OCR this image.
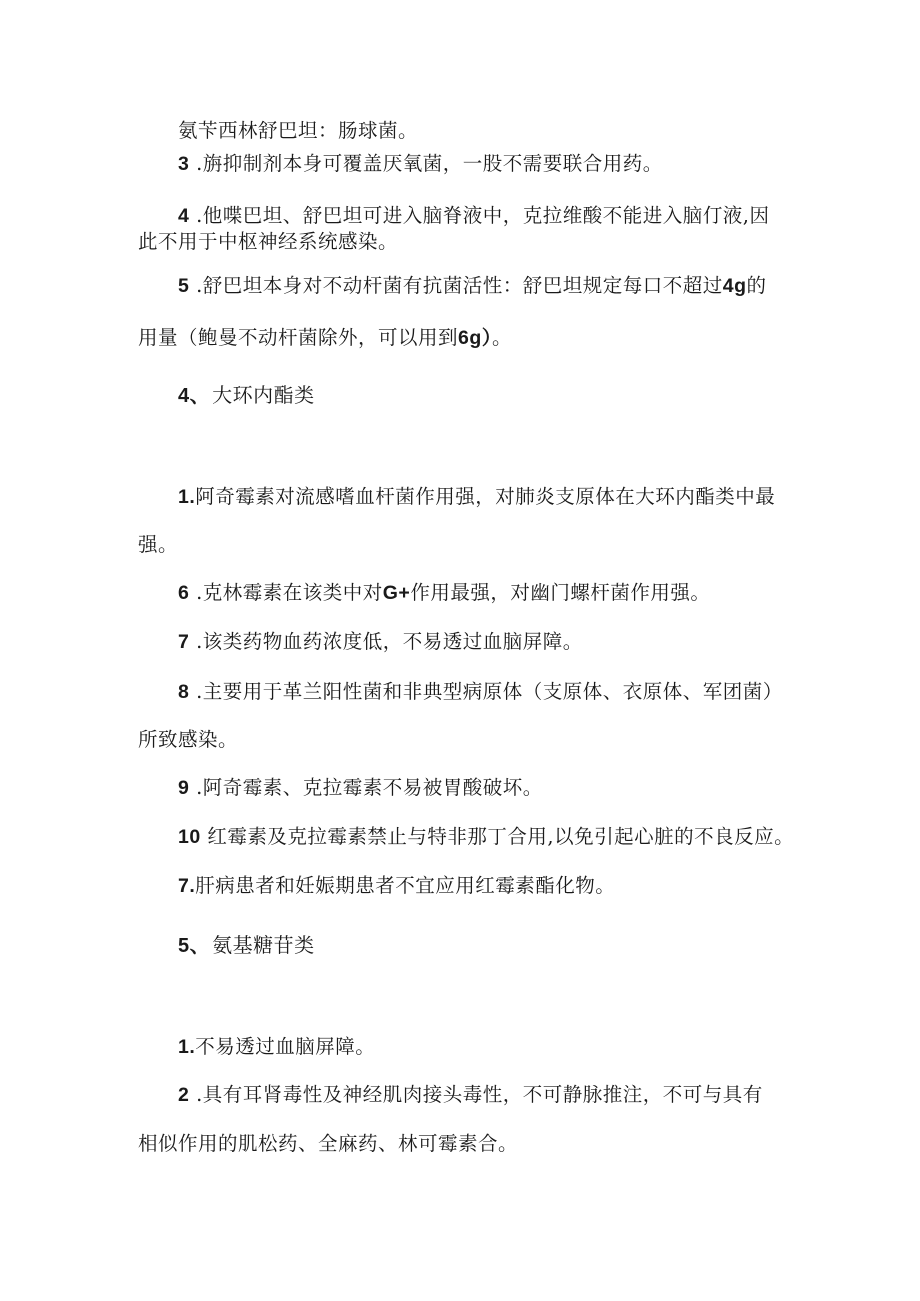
氨苄西林舒巴坦：肠球菌。
3 .旃抑制剂本身可覆盖厌氧菌，一股不需要联合用药。
4 .他喋巴坦、舒巴坦可进入脑脊液中，克拉维酸不能进入脑仃液,因
此不用于中枢神经系统感染。
5 .舒巴坦本身对不动杆菌有抗菌活性：舒巴坦规定每口不超过4g的
用量（鲍曼不动杆菌除外，可以用到6g）。
4、 大环内酯类
1.阿奇霉素对流感嗜血杆菌作用强，对肺炎支原体在大环内酯类中最
强。
6 .克林霉素在该类中对G+作用最强，对幽门螺杆菌作用强。
7 .该类药物血药浓度低，不易透过血脑屏障。
8 .主要用于革兰阳性菌和非典型病原体（支原体、衣原体、军团菌）
所致感染。
9 .阿奇霉素、克拉霉素不易被胃酸破坏。
10 红霉素及克拉霉素禁止与特非那丁合用,以免引起心脏的不良反应。
7.肝病患者和妊娠期患者不宜应用红霉素酯化物。
5、 氨基糖苷类
1.不易透过血脑屏障。
2 .具有耳肾毒性及神经肌肉接头毒性，不可静脉推注，不可与具有
相似作用的肌松药、全麻药、林可霉素合。
